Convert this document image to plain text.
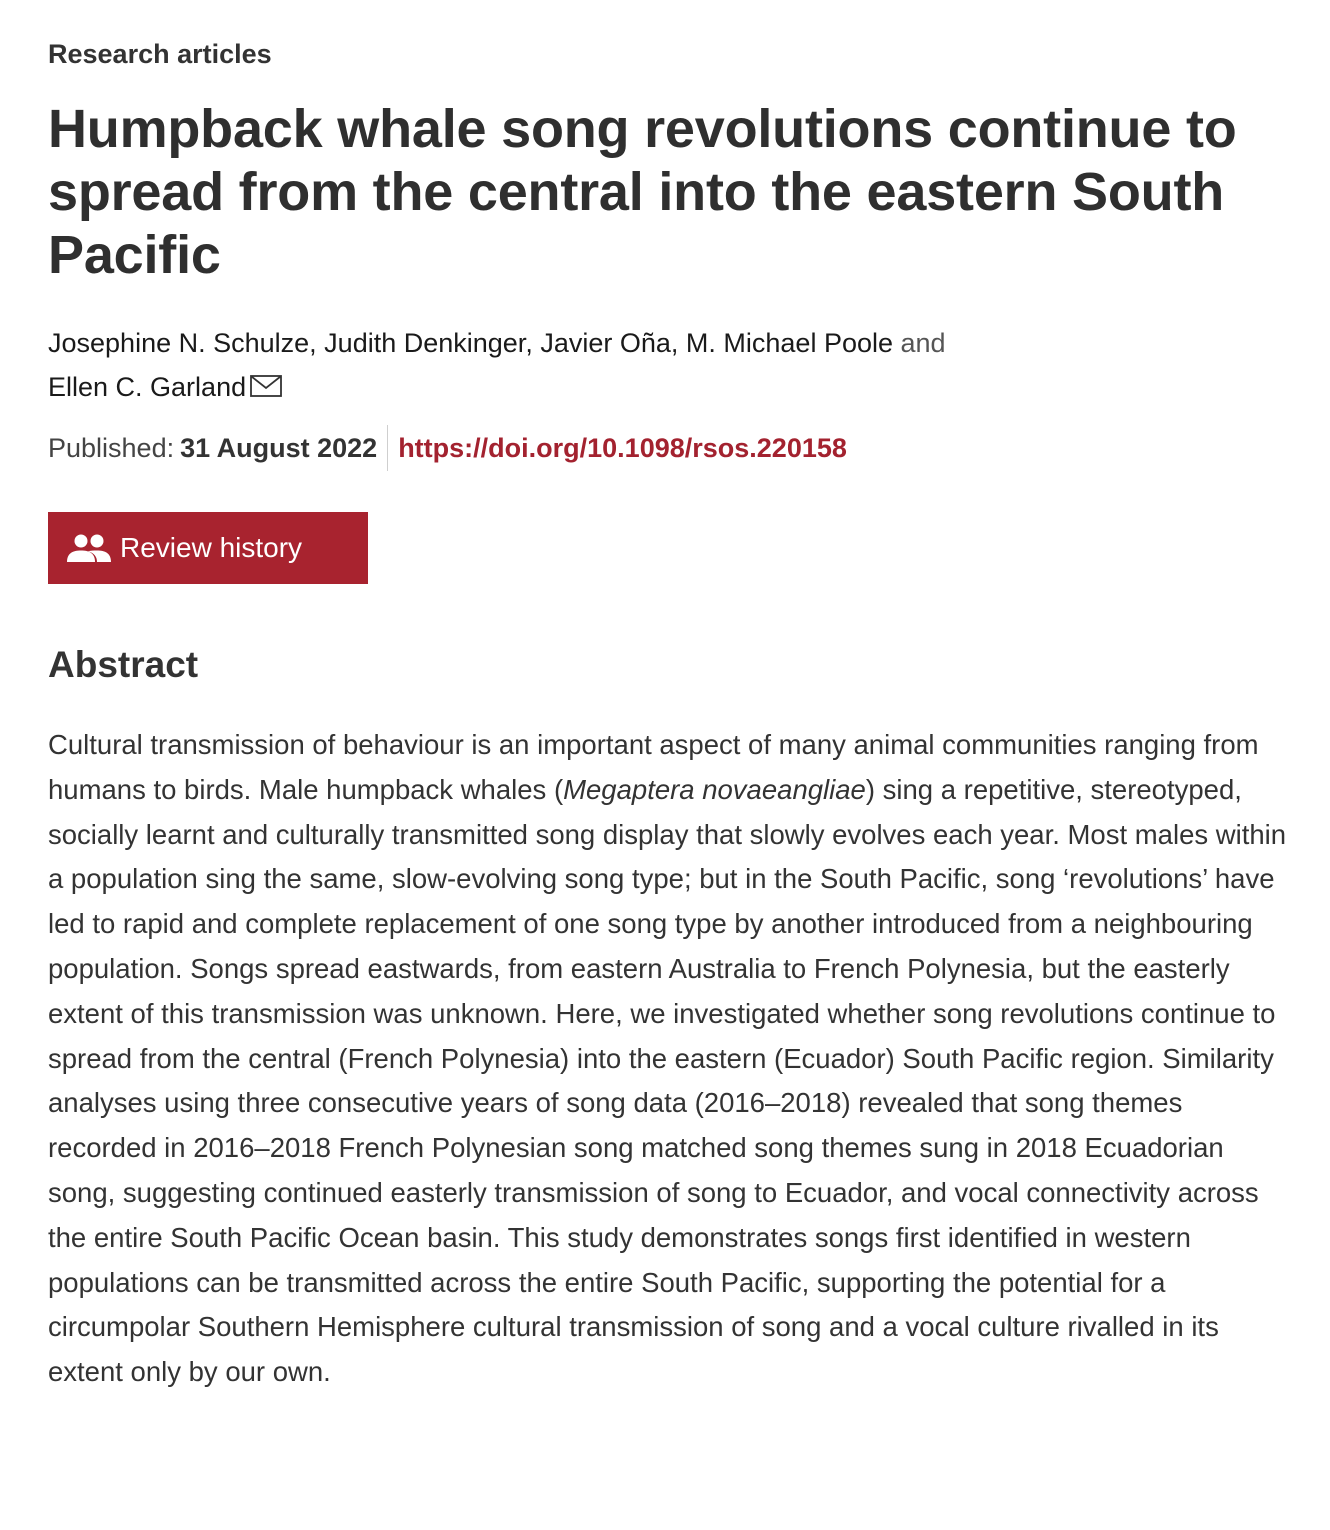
Research articles

Humpback whale song revolutions continue to spread from the central into the eastern South Pacific

Josephine N. Schulze, Judith Denkinger, Javier Oña, M. Michael Poole and
Ellen C. Garland

Published: 31 August 2022 https://doi.org/10.1098/rsos.220158
Review history
Abstract

Cultural transmission of behaviour is an important aspect of many animal communities ranging from humans to birds. Male humpback whales (Megaptera novaeangliae) sing a repetitive, stereotyped, socially learnt and culturally transmitted song display that slowly evolves each year. Most males within a population sing the same, slow-evolving song type; but in the South Pacific, song ‘revolutions’ have led to rapid and complete replacement of one song type by another introduced from a neighbouring population. Songs spread eastwards, from eastern Australia to French Polynesia, but the easterly extent of this transmission was unknown. Here, we investigated whether song revolutions continue to spread from the central (French Polynesia) into the eastern (Ecuador) South Pacific region. Similarity analyses using three consecutive years of song data (2016–2018) revealed that song themes recorded in 2016–2018 French Polynesian song matched song themes sung in 2018 Ecuadorian song, suggesting continued easterly transmission of song to Ecuador, and vocal connectivity across the entire South Pacific Ocean basin. This study demonstrates songs first identified in western populations can be transmitted across the entire South Pacific, supporting the potential for a circumpolar Southern Hemisphere cultural transmission of song and a vocal culture rivalled in its extent only by our own.
